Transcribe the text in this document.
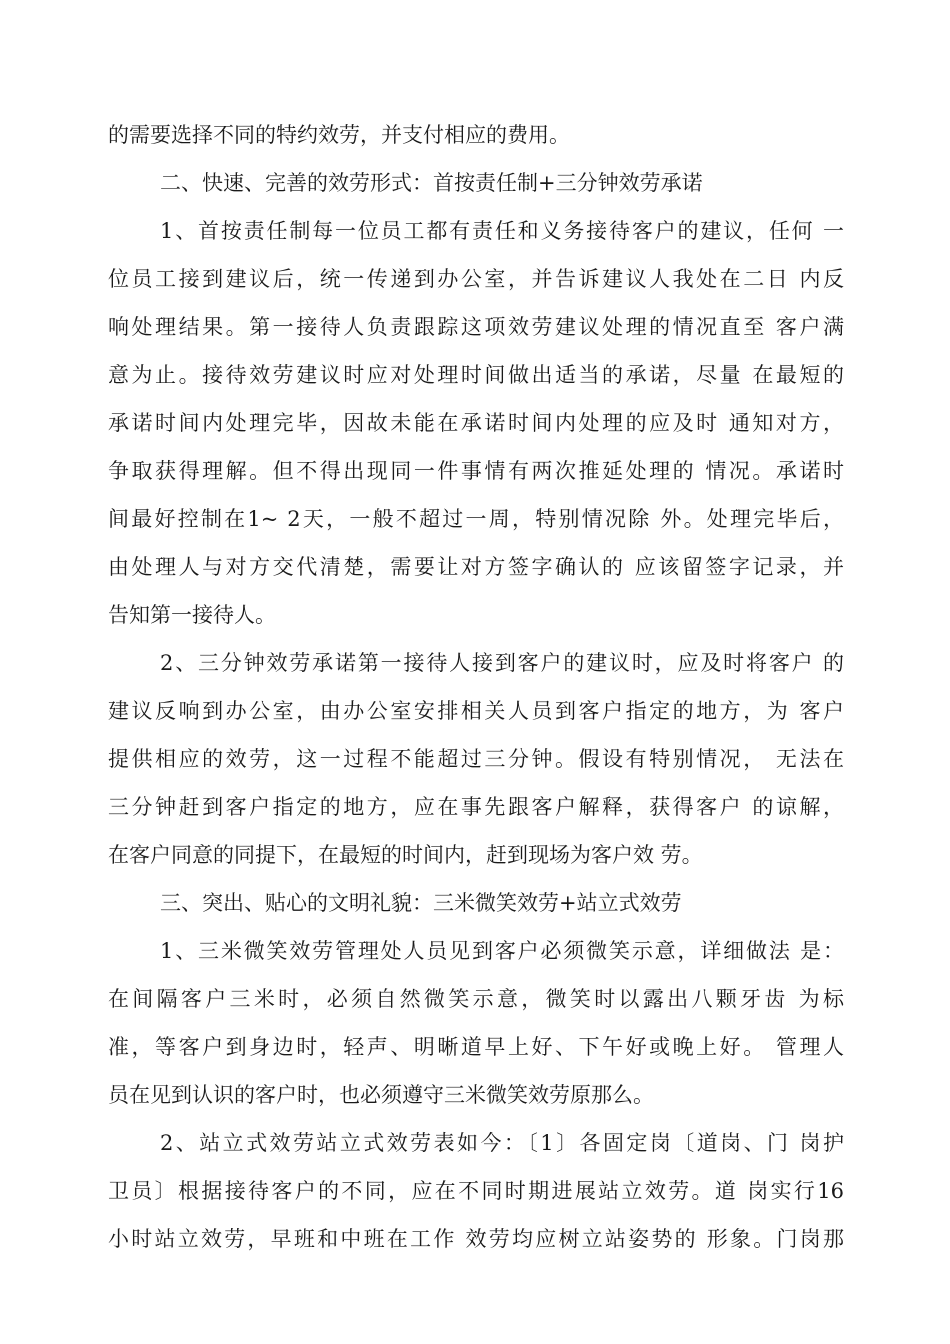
的需要选择不同的特约效劳，并支付相应的费用。
二、快速、完善的效劳形式：首按责任制+三分钟效劳承诺
1、首按责任制每一位员工都有责任和义务接待客户的建议，任何 一
位员工接到建议后，统一传递到办公室，并告诉建议人我处在二日 内反
响处理结果。第一接待人负责跟踪这项效劳建议处理的情况直至 客户满
意为止。接待效劳建议时应对处理时间做出适当的承诺，尽量 在最短的
承诺时间内处理完毕，因故未能在承诺时间内处理的应及时 通知对方，
争取获得理解。但不得出现同一件事情有两次推延处理的 情况。承诺时
间最好控制在1~ 2天，一般不超过一周，特别情况除 外。处理完毕后，
由处理人与对方交代清楚，需要让对方签字确认的 应该留签字记录，并
告知第一接待人。
2、三分钟效劳承诺第一接待人接到客户的建议时，应及时将客户 的
建议反响到办公室，由办公室安排相关人员到客户指定的地方，为 客户
提供相应的效劳，这一过程不能超过三分钟。假设有特别情况， 无法在
三分钟赶到客户指定的地方，应在事先跟客户解释，获得客户 的谅解，
在客户同意的同提下，在最短的时间内，赶到现场为客户效 劳。
三、突出、贴心的文明礼貌：三米微笑效劳+站立式效劳
1、三米微笑效劳管理处人员见到客户必须微笑示意，详细做法 是：
在间隔客户三米时，必须自然微笑示意，微笑时以露出八颗牙齿 为标
准，等客户到身边时，轻声、明晰道早上好、下午好或晚上好。 管理人
员在见到认识的客户时，也必须遵守三米微笑效劳原那么。
2、站立式效劳站立式效劳表如今：〔1〕各固定岗〔道岗、门 岗护
卫员〕根据接待客户的不同，应在不同时期进展站立效劳。道 岗实行16
小时站立效劳，早班和中班在工作 效劳均应树立站姿势的 形象。门岗那
